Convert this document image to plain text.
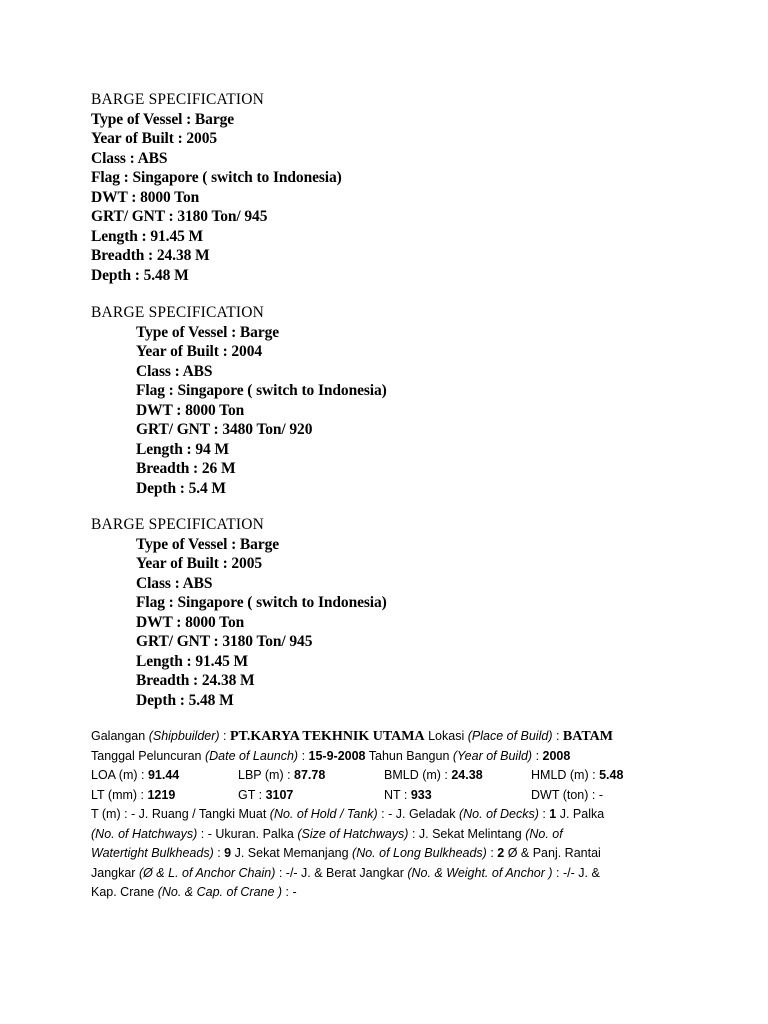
BARGE SPECIFICATION
Type of Vessel : Barge
Year of Built : 2005
Class : ABS
Flag : Singapore ( switch to Indonesia)
DWT : 8000 Ton
GRT/ GNT : 3180 Ton/ 945
Length : 91.45 M
Breadth : 24.38 M
Depth : 5.48 M
BARGE SPECIFICATION
Type of Vessel : Barge
Year of Built : 2004
Class : ABS
Flag : Singapore ( switch to Indonesia)
DWT : 8000 Ton
GRT/ GNT : 3480 Ton/ 920
Length : 94 M
Breadth : 26 M
Depth : 5.4 M
BARGE SPECIFICATION
Type of Vessel : Barge
Year of Built : 2005
Class : ABS
Flag : Singapore ( switch to Indonesia)
DWT : 8000 Ton
GRT/ GNT : 3180 Ton/ 945
Length : 91.45 M
Breadth : 24.38 M
Depth : 5.48 M
Galangan (Shipbuilder) : PT.KARYA TEKHNIK UTAMA Lokasi (Place of Build) : BATAM
Tanggal Peluncuran (Date of Launch) : 15-9-2008 Tahun Bangun (Year of Build) : 2008
LOA (m) : 91.44	LBP (m) : 87.78	BMLD (m) : 24.38	HMLD (m) : 5.48
LT (mm) : 1219	GT : 3107	NT : 933	DWT (ton) : -
T (m) : - J. Ruang / Tangki Muat (No. of Hold / Tank) : - J. Geladak (No. of Decks) : 1 J. Palka
(No. of Hatchways) : - Ukuran. Palka (Size of Hatchways) : J. Sekat Melintang (No. of
Watertight Bulkheads) : 9 J. Sekat Memanjang (No. of Long Bulkheads) : 2 Ø & Panj. Rantai
Jangkar (Ø & L. of Anchor Chain) : -/- J. & Berat Jangkar (No. & Weight. of Anchor ) : -/- J. &
Kap. Crane (No. & Cap. of Crane ) : -
